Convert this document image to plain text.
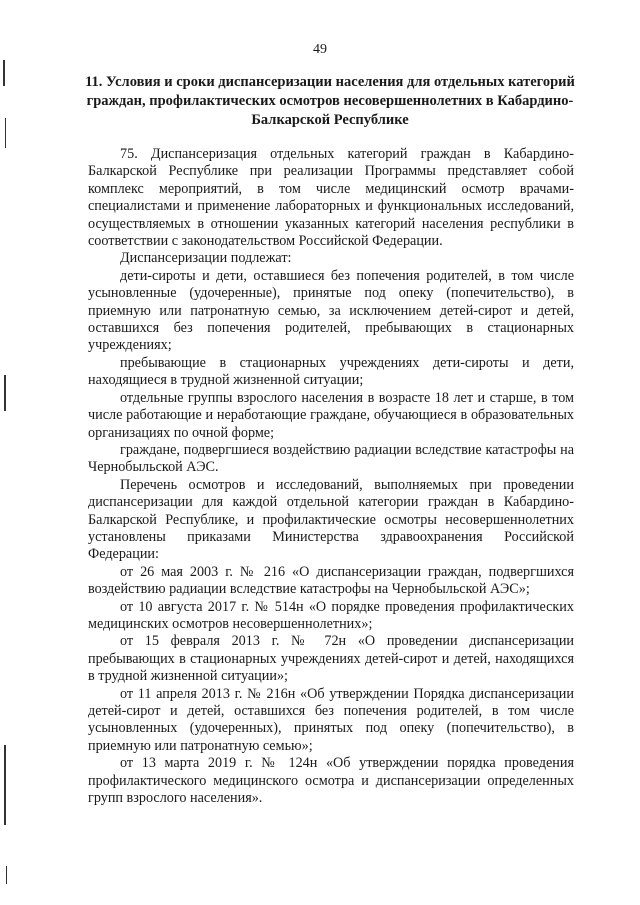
49
11. Условия и сроки диспансеризации населения для отдельных категорий граждан, профилактических осмотров несовершеннолетних в Кабардино-Балкарской Республике

75. Диспансеризация отдельных категорий граждан в Кабардино-Балкарской Республике при реализации Программы представляет собой комплекс мероприятий, в том числе медицинский осмотр врачами-специалистами и применение лабораторных и функциональных исследований, осуществляемых в отношении указанных категорий населения республики в соответствии с законодательством Российской Федерации.

Диспансеризации подлежат:

дети-сироты и дети, оставшиеся без попечения родителей, в том числе усыновленные (удочеренные), принятые под опеку (попечительство), в приемную или патронатную семью, за исключением детей-сирот и детей, оставшихся без попечения родителей, пребывающих в стационарных учреждениях;

пребывающие в стационарных учреждениях дети-сироты и дети, находящиеся в трудной жизненной ситуации;

отдельные группы взрослого населения в возрасте 18 лет и старше, в том числе работающие и неработающие граждане, обучающиеся в образовательных организациях по очной форме;

граждане, подвергшиеся воздействию радиации вследствие катастрофы на Чернобыльской АЭС.

Перечень осмотров и исследований, выполняемых при проведении диспансеризации для каждой отдельной категории граждан в Кабардино-Балкарской Республике, и профилактические осмотры несовершеннолетних установлены приказами Министерства здравоохранения Российской Федерации:

от 26 мая 2003 г. № 216 «О диспансеризации граждан, подвергшихся воздействию радиации вследствие катастрофы на Чернобыльской АЭС»;

от 10 августа 2017 г. № 514н «О порядке проведения профилактических медицинских осмотров несовершеннолетних»;

от 15 февраля 2013 г. № 72н «О проведении диспансеризации пребывающих в стационарных учреждениях детей-сирот и детей, находящихся в трудной жизненной ситуации»;

от 11 апреля 2013 г. № 216н «Об утверждении Порядка диспансеризации детей-сирот и детей, оставшихся без попечения родителей, в том числе усыновленных (удочеренных), принятых под опеку (попечительство), в приемную или патронатную семью»;

от 13 марта 2019 г. № 124н «Об утверждении порядка проведения профилактического медицинского осмотра и диспансеризации определенных групп взрослого населения».
